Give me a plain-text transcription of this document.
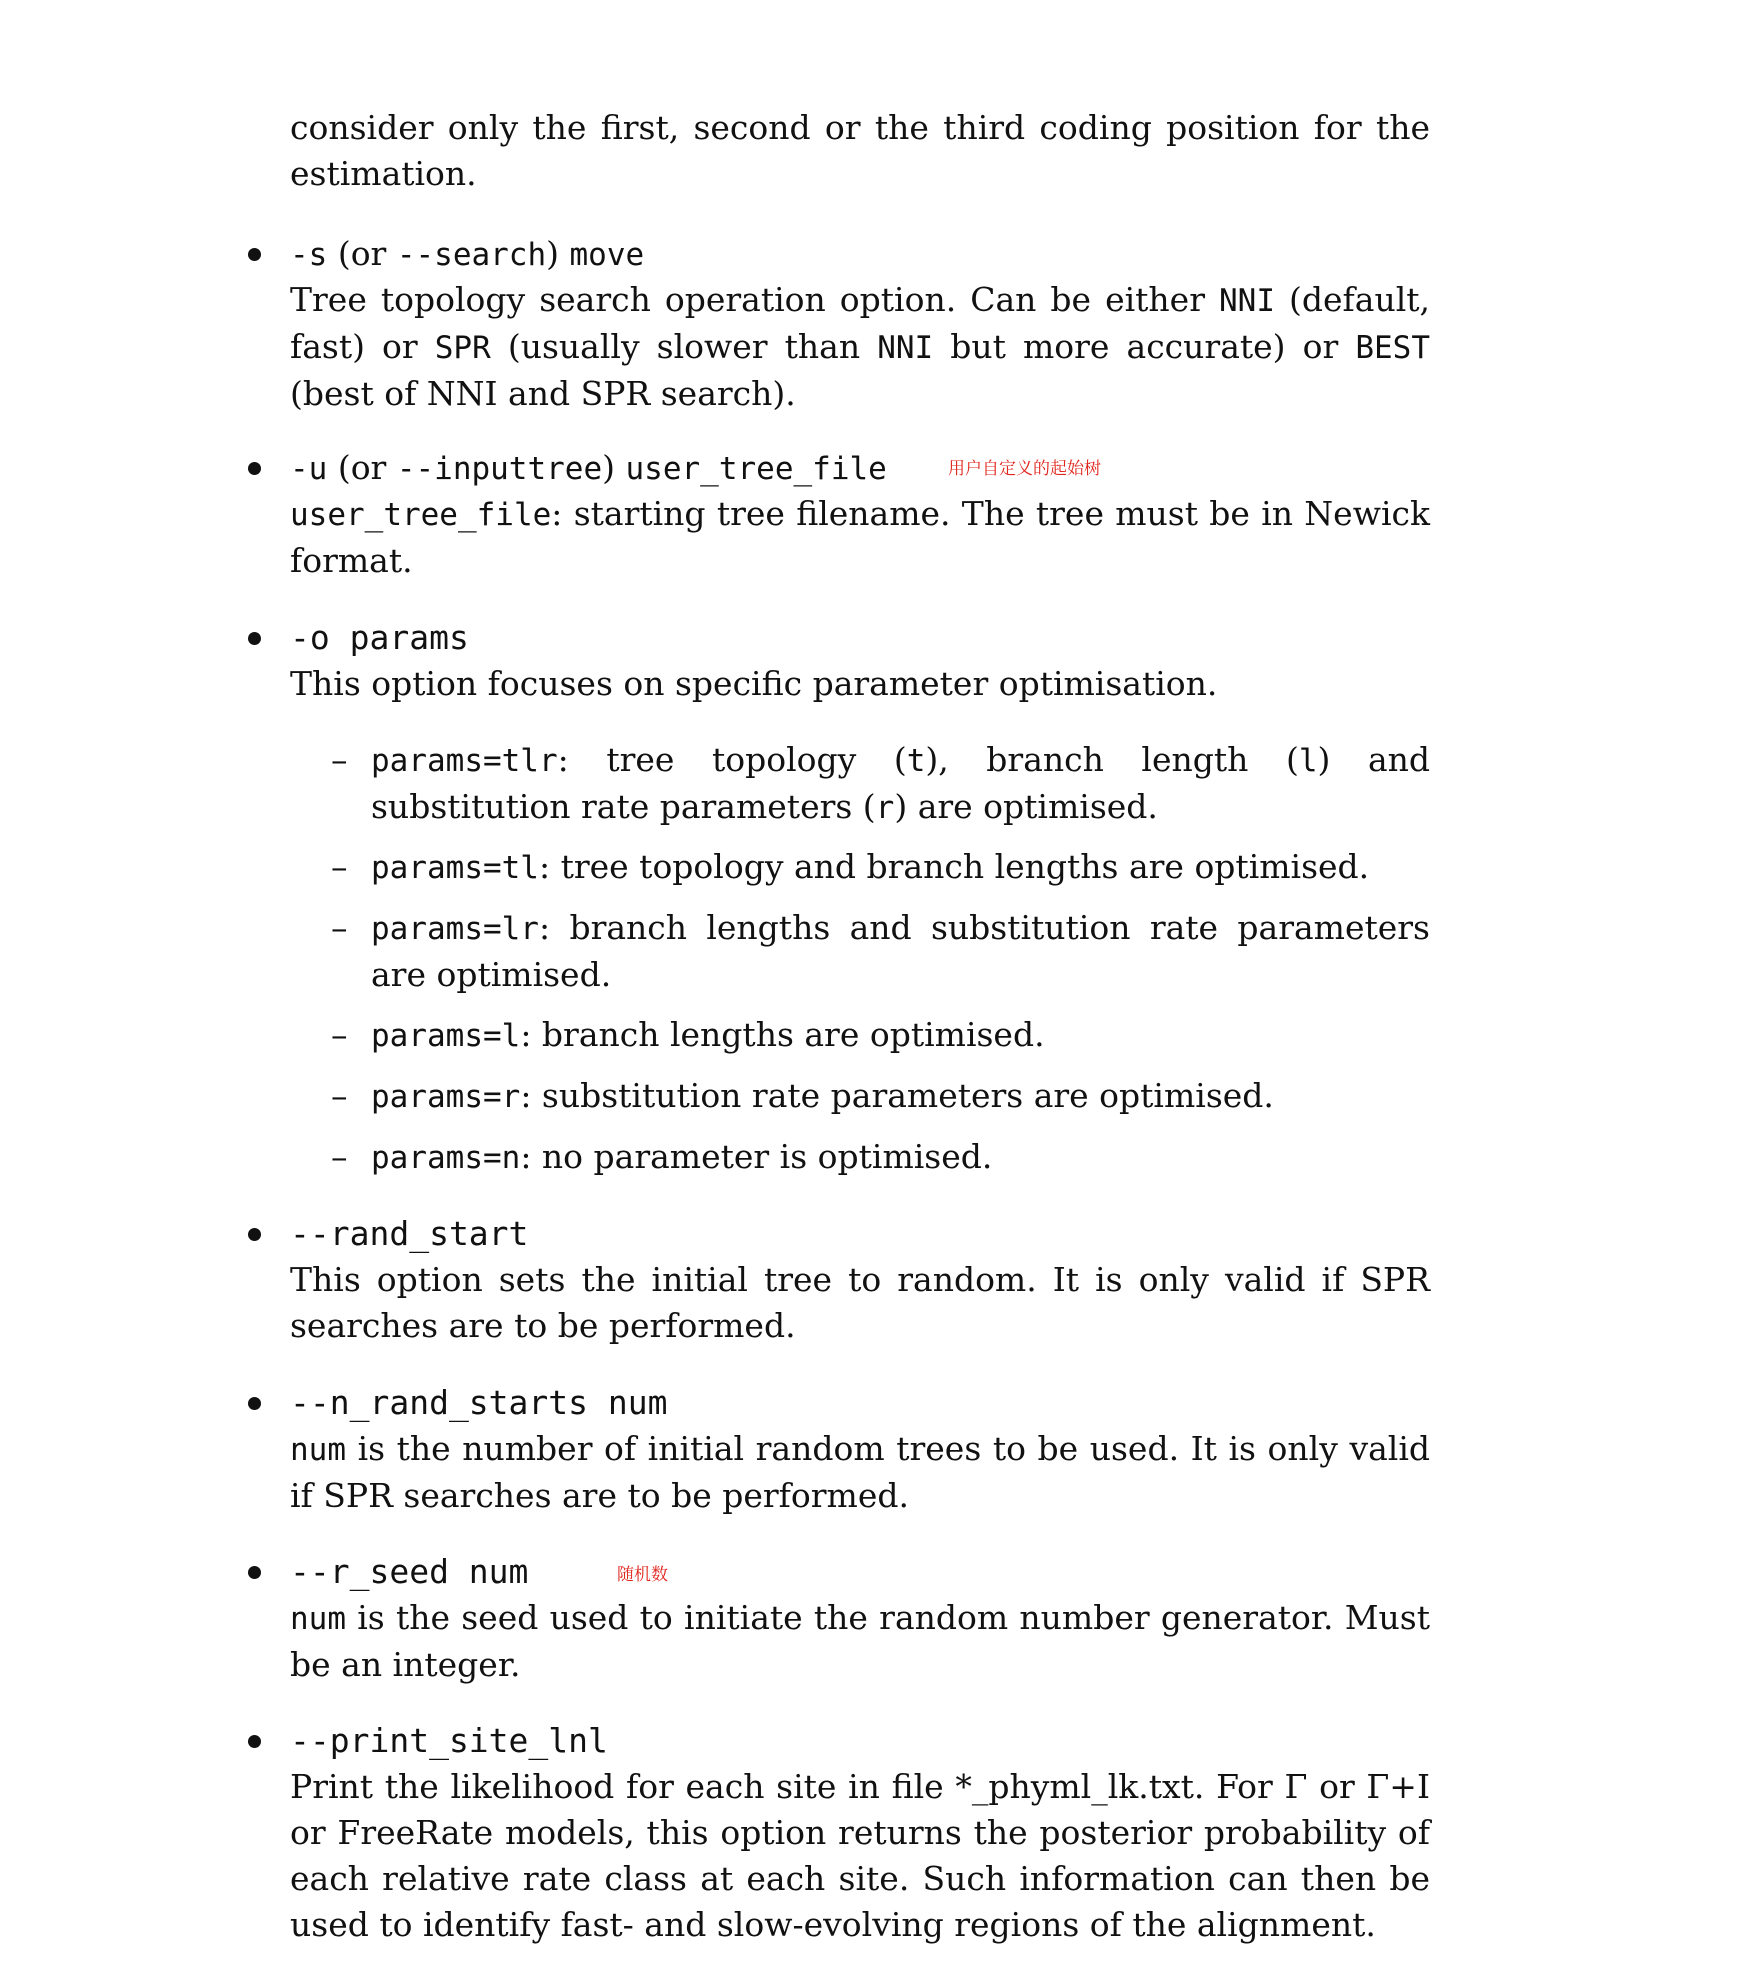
consider only the first, second or the third coding position for the estimation.

-s (or --search) move

Tree topology search operation option. Can be either NNI (default, fast) or SPR (usually slower than NNI but more accurate) or BEST (best of NNI and SPR search).

-u (or --inputtree) user_tree_file

user_tree_file: starting tree filename. The tree must be in Newick format.

用户自定义的起始树
-o params

This option focuses on specific parameter optimisation.

– params=tlr: tree topology (t), branch length (l) and substitution rate parameters (r) are optimised.

– params=tl: tree topology and branch lengths are optimised.

– params=lr: branch lengths and substitution rate parameters are optimised.

– params=l: branch lengths are optimised.

– params=r: substitution rate parameters are optimised.

– params=n: no parameter is optimised.

--rand_start

This option sets the initial tree to random. It is only valid if SPR searches are to be performed.

--n_rand_starts num

num is the number of initial random trees to be used. It is only valid if SPR searches are to be performed.

--r_seed num

num is the seed used to initiate the random number generator. Must be an integer.

随机数
--print_site_lnl

Print the likelihood for each site in file *_phyml_lk.txt. For Γ or Γ+I or FreeRate models, this option returns the posterior probability of each relative rate class at each site. Such information can then be used to identify fast- and slow-evolving regions of the alignment.
